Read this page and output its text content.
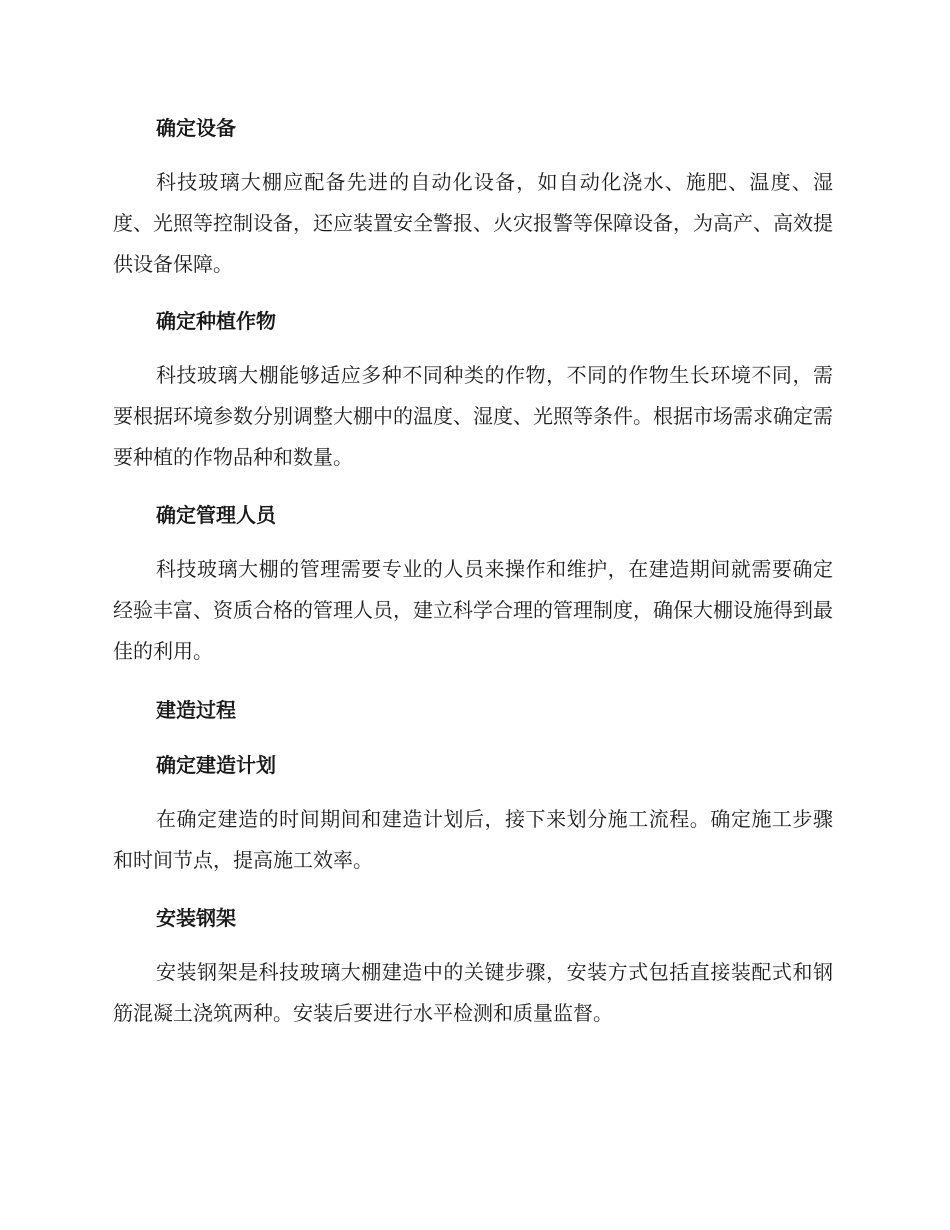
确定设备
科技玻璃大棚应配备先进的自动化设备，如自动化浇水、施肥、温度、湿度、光照等控制设备，还应装置安全警报、火灾报警等保障设备，为高产、高效提供设备保障。
确定种植作物
科技玻璃大棚能够适应多种不同种类的作物，不同的作物生长环境不同，需要根据环境参数分别调整大棚中的温度、湿度、光照等条件。根据市场需求确定需要种植的作物品种和数量。
确定管理人员
科技玻璃大棚的管理需要专业的人员来操作和维护，在建造期间就需要确定经验丰富、资质合格的管理人员，建立科学合理的管理制度，确保大棚设施得到最佳的利用。
建造过程
确定建造计划
在确定建造的时间期间和建造计划后，接下来划分施工流程。确定施工步骤和时间节点，提高施工效率。
安装钢架
安装钢架是科技玻璃大棚建造中的关键步骤，安装方式包括直接装配式和钢筋混凝土浇筑两种。安装后要进行水平检测和质量监督。
